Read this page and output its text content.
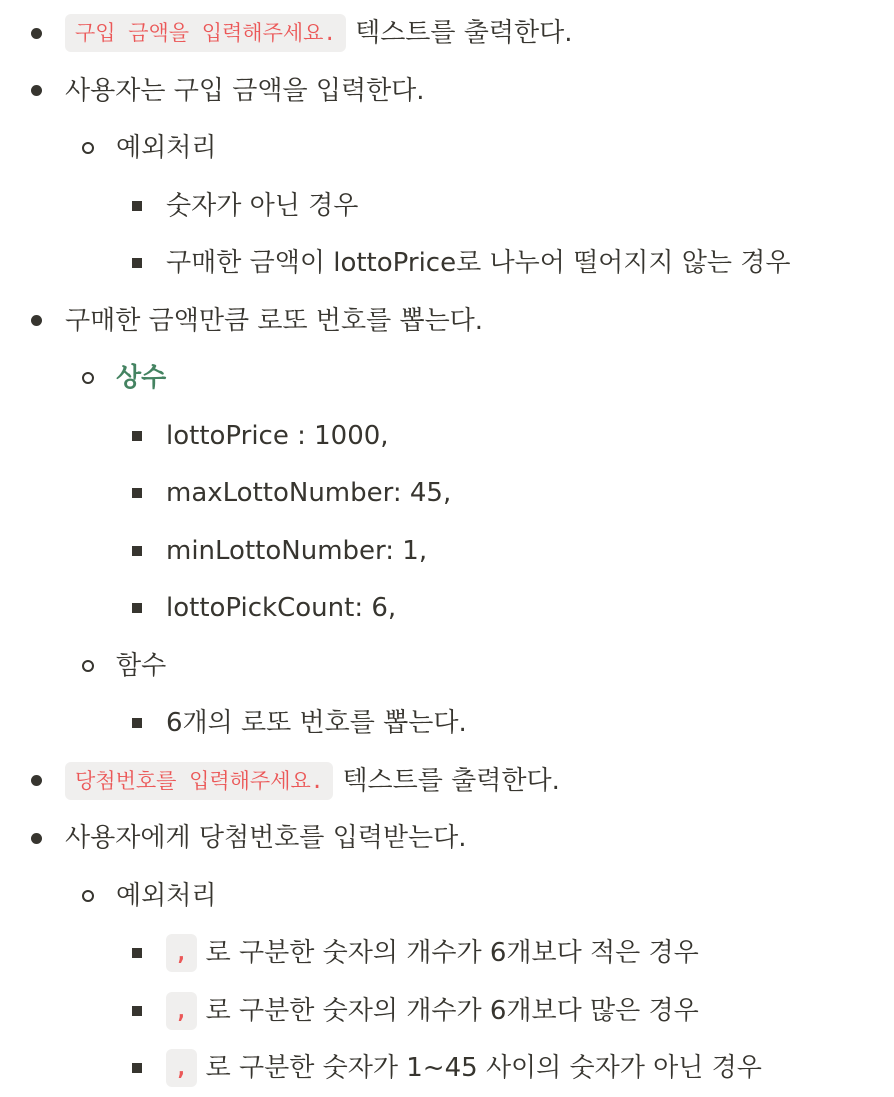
구입 금액을 입력해주세요. 텍스트를 출력한다.
사용자는 구입 금액을 입력한다.
예외처리
숫자가 아닌 경우
구매한 금액이 lottoPrice로 나누어 떨어지지 않는 경우
구매한 금액만큼 로또 번호를 뽑는다.
상수
lottoPrice : 1000,
maxLottoNumber: 45,
minLottoNumber: 1,
lottoPickCount: 6,
함수
6개의 로또 번호를 뽑는다.
당첨번호를 입력해주세요. 텍스트를 출력한다.
사용자에게 당첨번호를 입력받는다.
예외처리
, 로 구분한 숫자의 개수가 6개보다 적은 경우
, 로 구분한 숫자의 개수가 6개보다 많은 경우
, 로 구분한 숫자가 1~45 사이의 숫자가 아닌 경우
